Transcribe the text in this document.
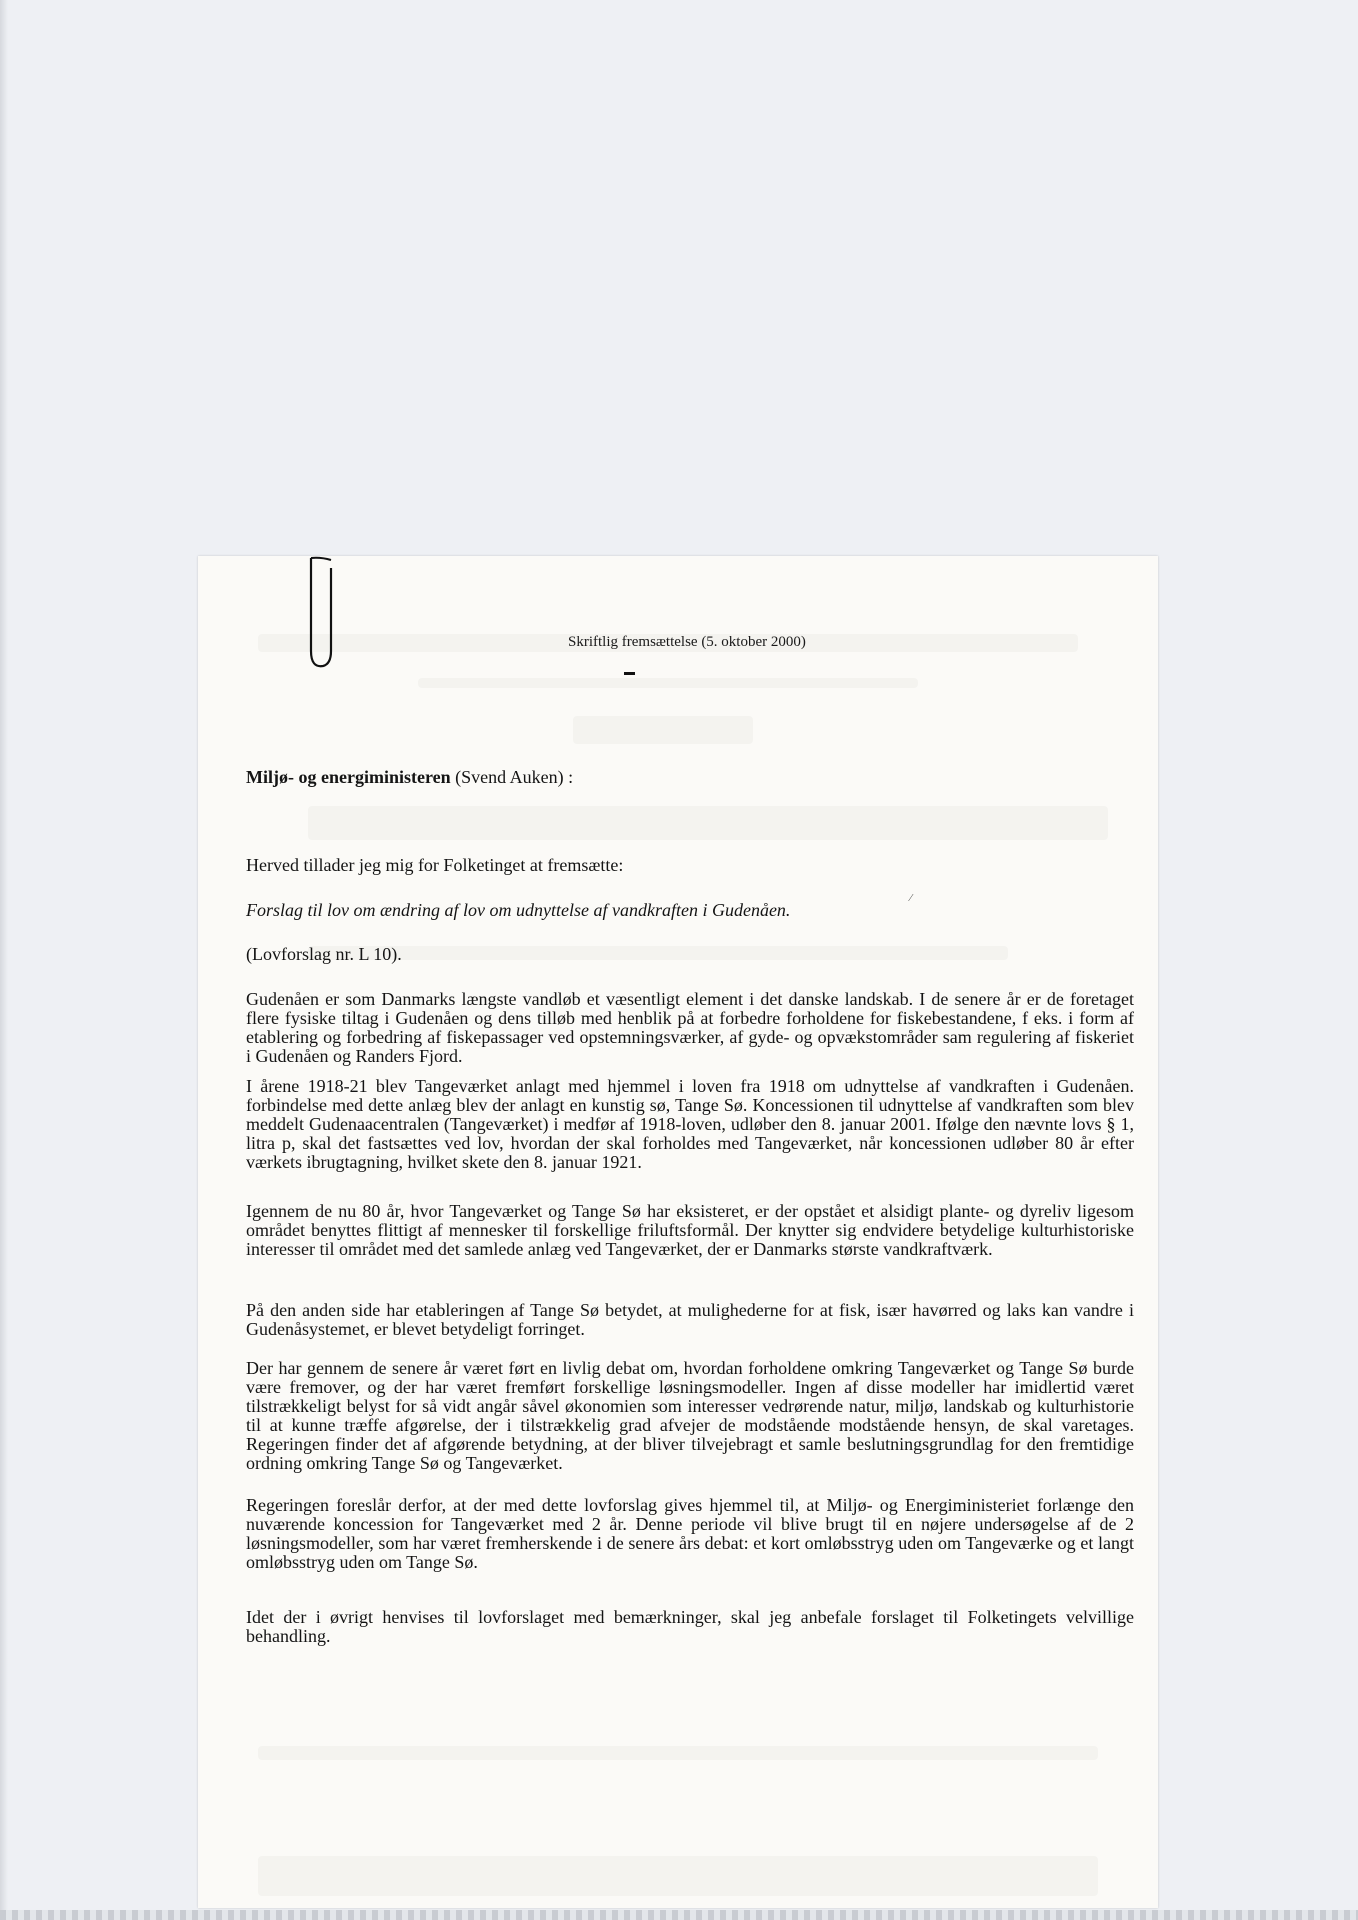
Skriftlig fremsættelse (5. oktober 2000)
Miljø- og energiministeren (Svend Auken) :
Herved tillader jeg mig for Folketinget at fremsætte:
Forslag til lov om ændring af lov om udnyttelse af vandkraften i Gudenåen.
⁄
(Lovforslag nr. L 10).

Gudenåen er som Danmarks længste vandløb et væsentligt element i det danske landskab. I de senere år er de foretaget flere fysiske tiltag i Gudenåen og dens tilløb med henblik på at forbedre forholdene for fiskebestandene, f eks. i form af etablering og forbedring af fiskepassager ved opstemningsværker, af gyde- og opvækstområder sam regulering af fiskeriet i Gudenåen og Randers Fjord.

I årene 1918-21 blev Tangeværket anlagt med hjemmel i loven fra 1918 om udnyttelse af vandkraften i Gudenåen. forbindelse med dette anlæg blev der anlagt en kunstig sø, Tange Sø. Koncessionen til udnyttelse af vandkraften som blev meddelt Gudenaacentralen (Tangeværket) i medfør af 1918-loven, udløber den 8. januar 2001. Ifølge den nævnte lovs § 1, litra p, skal det fastsættes ved lov, hvordan der skal forholdes med Tangeværket, når koncessionen udløber 80 år efter værkets ibrugtagning, hvilket skete den 8. januar 1921.

Igennem de nu 80 år, hvor Tangeværket og Tange Sø har eksisteret, er der opstået et alsidigt plante- og dyreliv ligesom området benyttes flittigt af mennesker til forskellige friluftsformål. Der knytter sig endvidere betydelige kulturhistoriske interesser til området med det samlede anlæg ved Tangeværket, der er Danmarks største vandkraftværk.

På den anden side har etableringen af Tange Sø betydet, at mulighederne for at fisk, især havørred og laks kan vandre i Gudenåsystemet, er blevet betydeligt forringet.

Der har gennem de senere år været ført en livlig debat om, hvordan forholdene omkring Tangeværket og Tange Sø burde være fremover, og der har været fremført forskellige løsningsmodeller. Ingen af disse modeller har imidlertid været tilstrækkeligt belyst for så vidt angår såvel økonomien som interesser vedrørende natur, miljø, landskab og kulturhistorie til at kunne træffe afgørelse, der i tilstrækkelig grad afvejer de modstående modstående hensyn, de skal varetages. Regeringen finder det af afgørende betydning, at der bliver tilvejebragt et samle beslutningsgrundlag for den fremtidige ordning omkring Tange Sø og Tangeværket.

Regeringen foreslår derfor, at der med dette lovforslag gives hjemmel til, at Miljø- og Energiministeriet forlænge den nuværende koncession for Tangeværket med 2 år. Denne periode vil blive brugt til en nøjere undersøgelse af de 2 løsningsmodeller, som har været fremherskende i de senere års debat: et kort omløbsstryg uden om Tangeværke og et langt omløbsstryg uden om Tange Sø.

Idet der i øvrigt henvises til lovforslaget med bemærkninger, skal jeg anbefale forslaget til Folketingets velvillige behandling.
